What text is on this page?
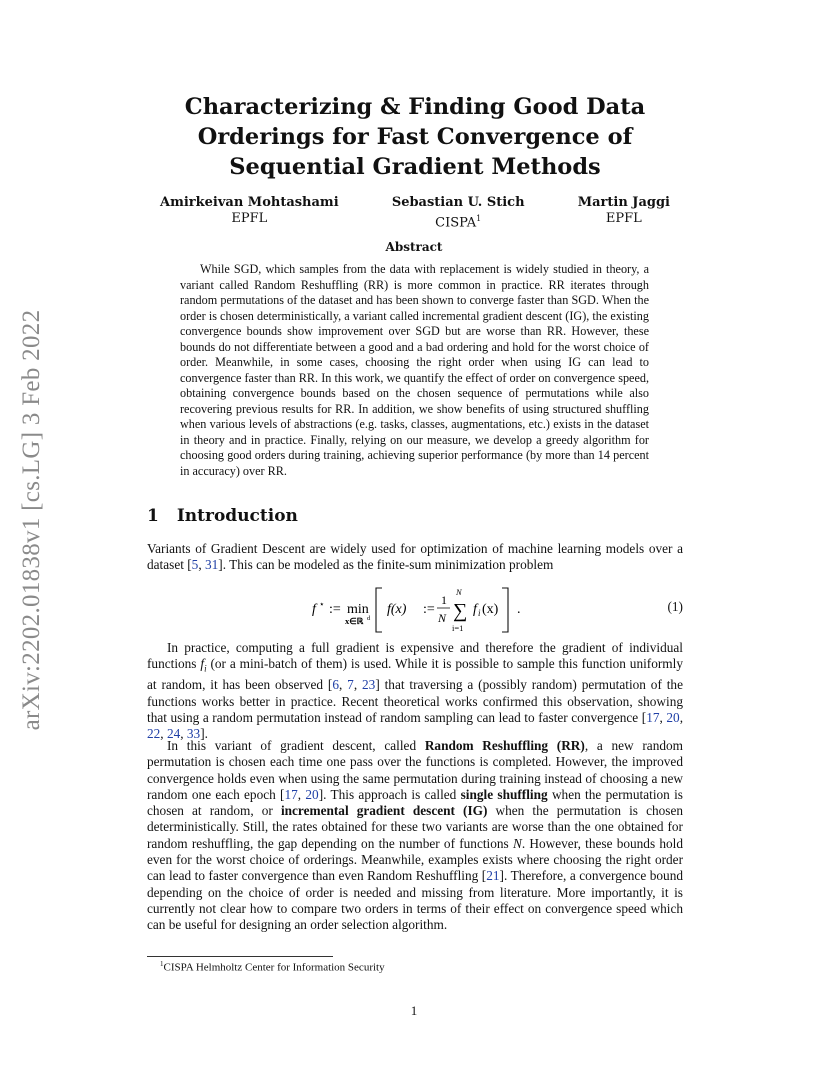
arXiv:2202.01838v1 [cs.LG] 3 Feb 2022
Characterizing & Finding Good Data Orderings for Fast Convergence of Sequential Gradient Methods
Amirkeivan Mohtashami
EPFL
Sebastian U. Stich
CISPA$^1$
Martin Jaggi
EPFL
Abstract
While SGD, which samples from the data with replacement is widely studied in theory, a variant called Random Reshuffling (RR) is more common in practice. RR iterates through random permutations of the dataset and has been shown to converge faster than SGD. When the order is chosen deterministically, a variant called incremental gradient descent (IG), the existing convergence bounds show improvement over SGD but are worse than RR. However, these bounds do not differentiate between a good and a bad ordering and hold for the worst choice of order. Meanwhile, in some cases, choosing the right order when using IG can lead to convergence faster than RR. In this work, we quantify the effect of order on convergence speed, obtaining convergence bounds based on the chosen sequence of permutations while also recovering previous results for RR. In addition, we show benefits of using structured shuffling when various levels of abstractions (e.g. tasks, classes, augmentations, etc.) exists in the dataset in theory and in practice. Finally, relying on our measure, we develop a greedy algorithm for choosing good orders during training, achieving superior performance (by more than 14 percent in accuracy) over RR.
1 Introduction

Variants of Gradient Descent are widely used for optimization of machine learning models over a dataset [5, 31]. This can be modeled as the finite-sum minimization problem

f ⋆ := min
x∈ℝ d
f(x) :=
1
N
N
∑
i=1
f i (x) .	(1)

In practice, computing a full gradient is expensive and therefore the gradient of individual functions $f_i$ (or a mini-batch of them) is used. While it is possible to sample this function uniformly at random, it has been observed [6, 7, 23] that traversing a (possibly random) permutation of the functions works better in practice. Recent theoretical works confirmed this observation, showing that using a random permutation instead of random sampling can lead to faster convergence [17, 20, 22, 24, 33].

In this variant of gradient descent, called Random Reshuffling (RR), a new random permutation is chosen each time one pass over the functions is completed. However, the improved convergence holds even when using the same permutation during training instead of choosing a new random one each epoch [17, 20]. This approach is called single shuffling when the permutation is chosen at random, or incremental gradient descent (IG) when the permutation is chosen deterministically. Still, the rates obtained for these two variants are worse than the one obtained for random reshuffling, the gap depending on the number of functions N. However, these bounds hold even for the worst choice of orderings. Meanwhile, examples exists where choosing the right order can lead to faster convergence than even Random Reshuffling [21]. Therefore, a convergence bound depending on the choice of order is needed and missing from literature. More importantly, it is currently not clear how to compare two orders in terms of their effect on convergence speed which can be useful for designing an order selection algorithm.

$^1$CISPA Helmholtz Center for Information Security
1
